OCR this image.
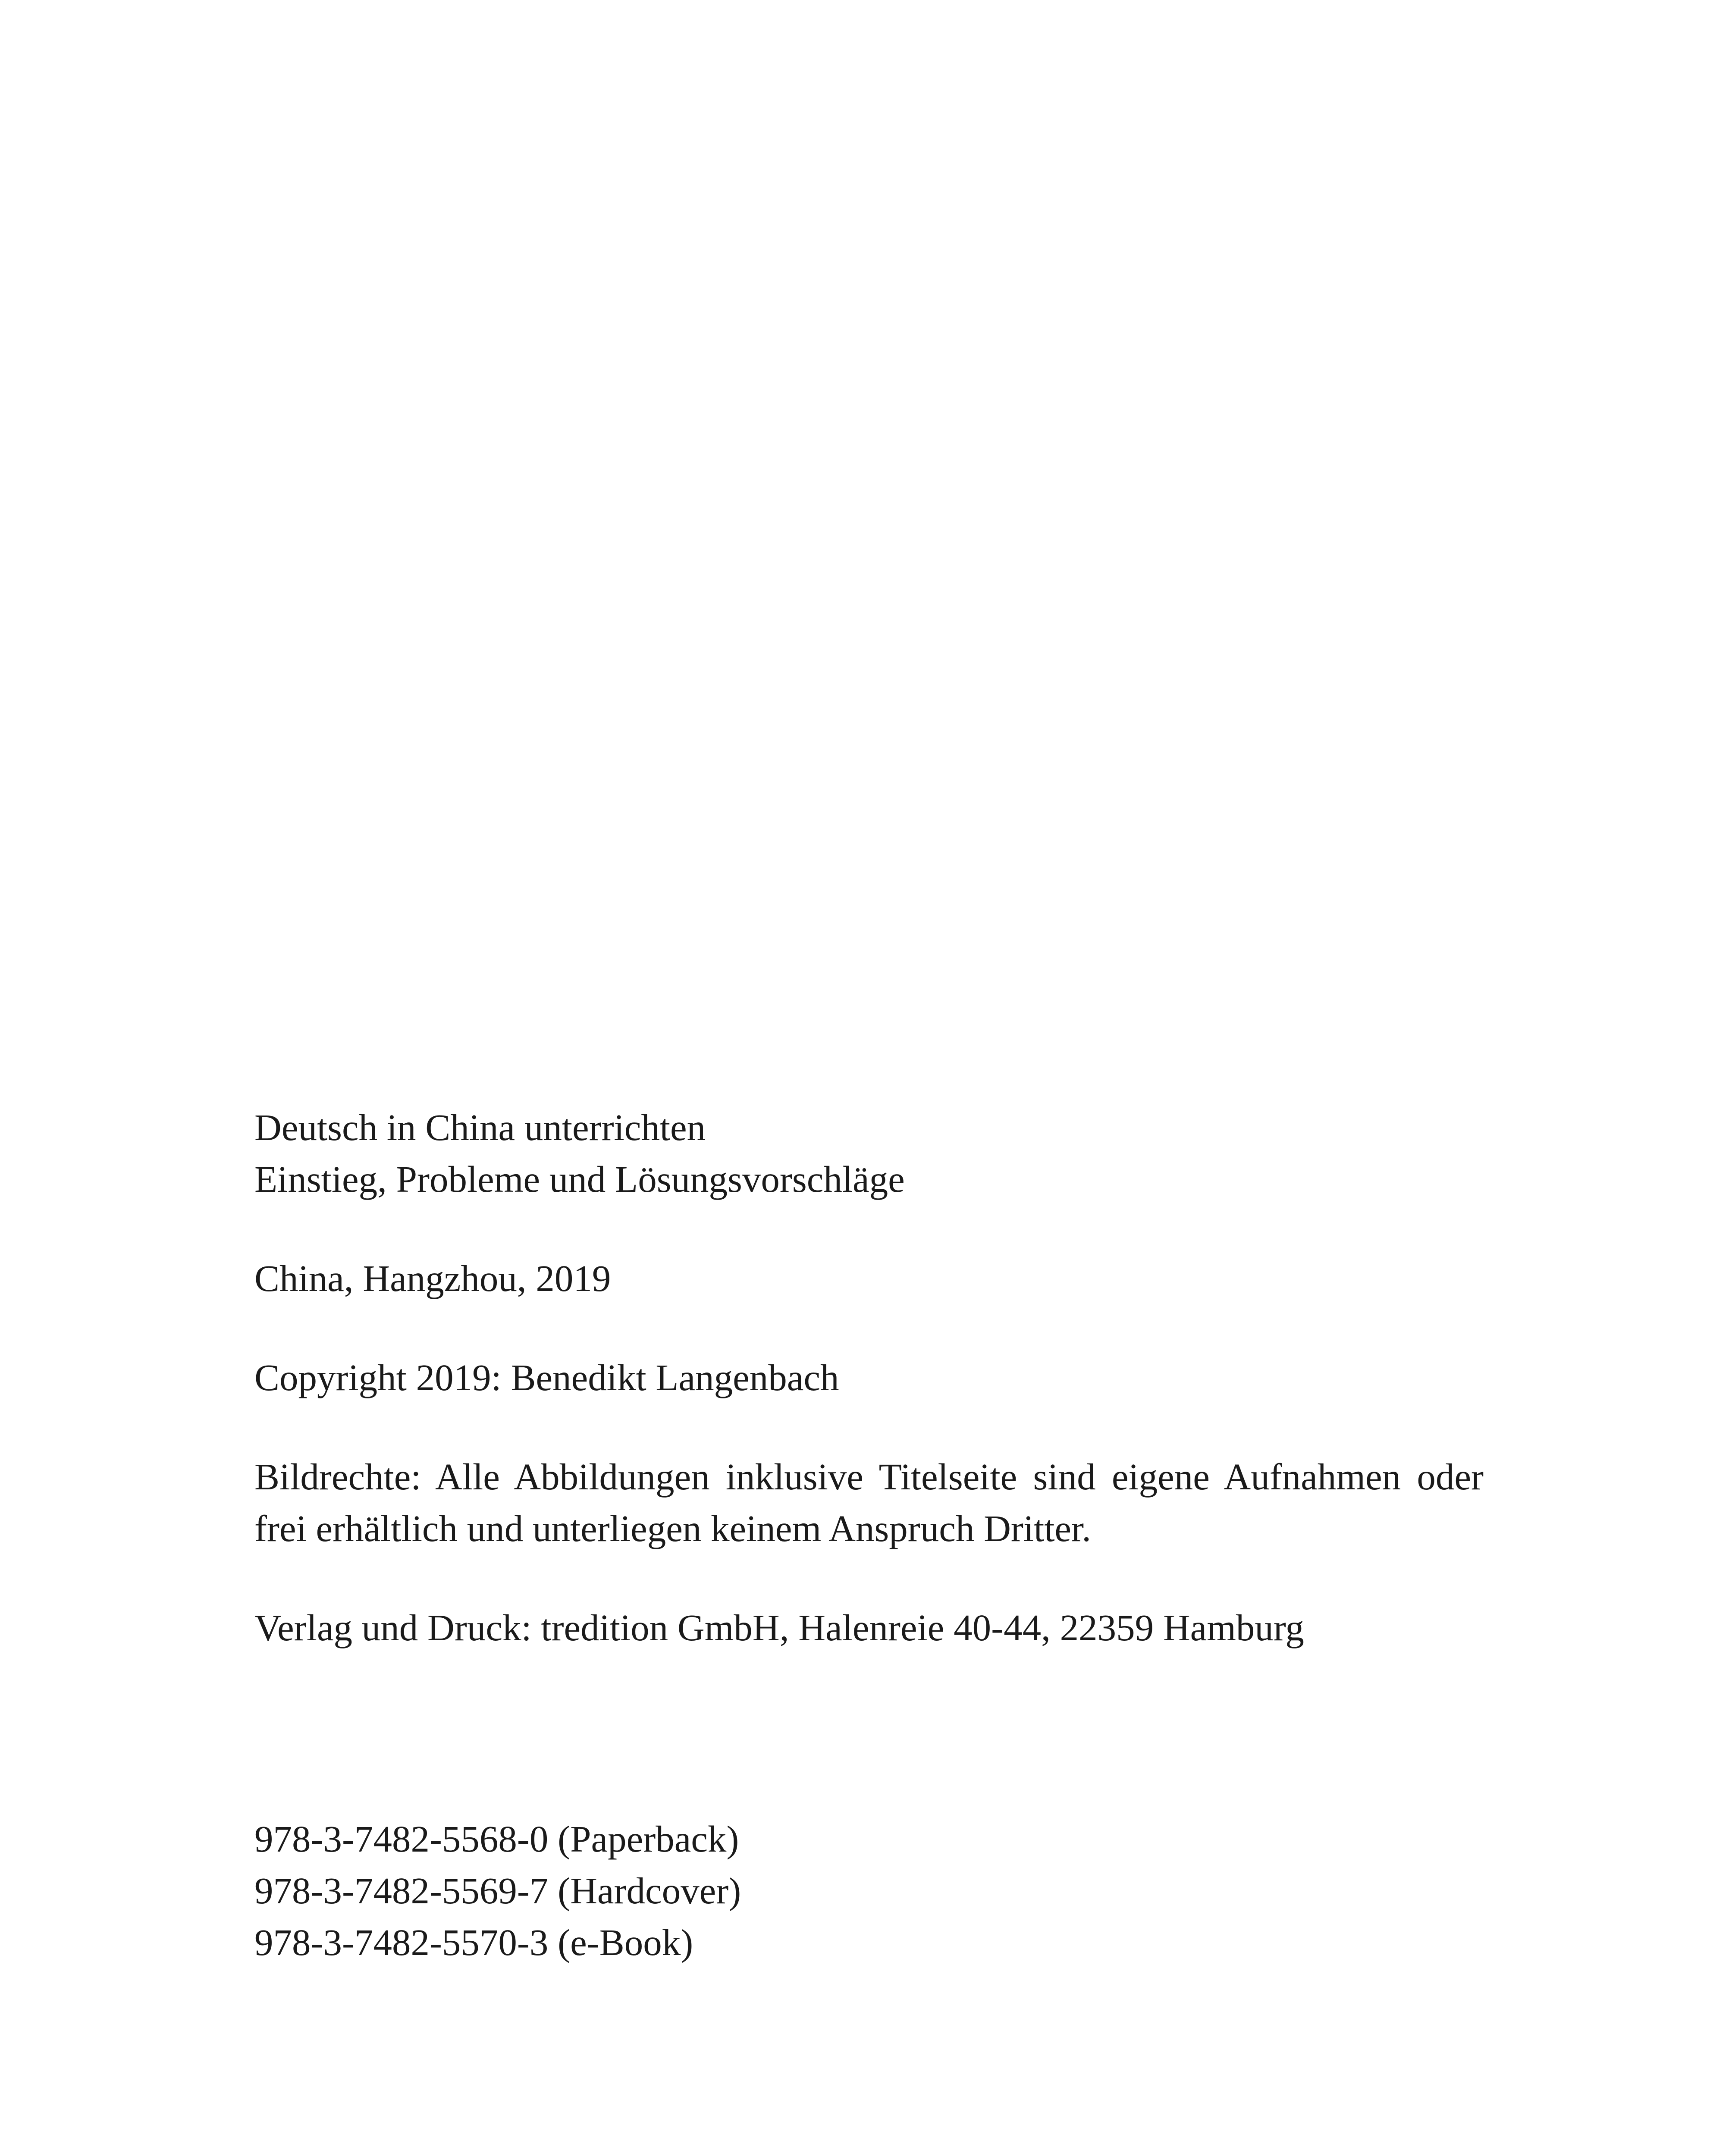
Deutsch in China unterrichten
Einstieg, Probleme und Lösungsvorschläge
China, Hangzhou, 2019
Copyright 2019: Benedikt Langenbach
Bildrechte: Alle Abbildungen inklusive Titelseite sind eigene Aufnahmen oder frei erhältlich und unterliegen keinem Anspruch Dritter.
Verlag und Druck: tredition GmbH, Halenreie 40-44, 22359 Hamburg
978-3-7482-5568-0 (Paperback)
978-3-7482-5569-7 (Hardcover)
978-3-7482-5570-3 (e-Book)
